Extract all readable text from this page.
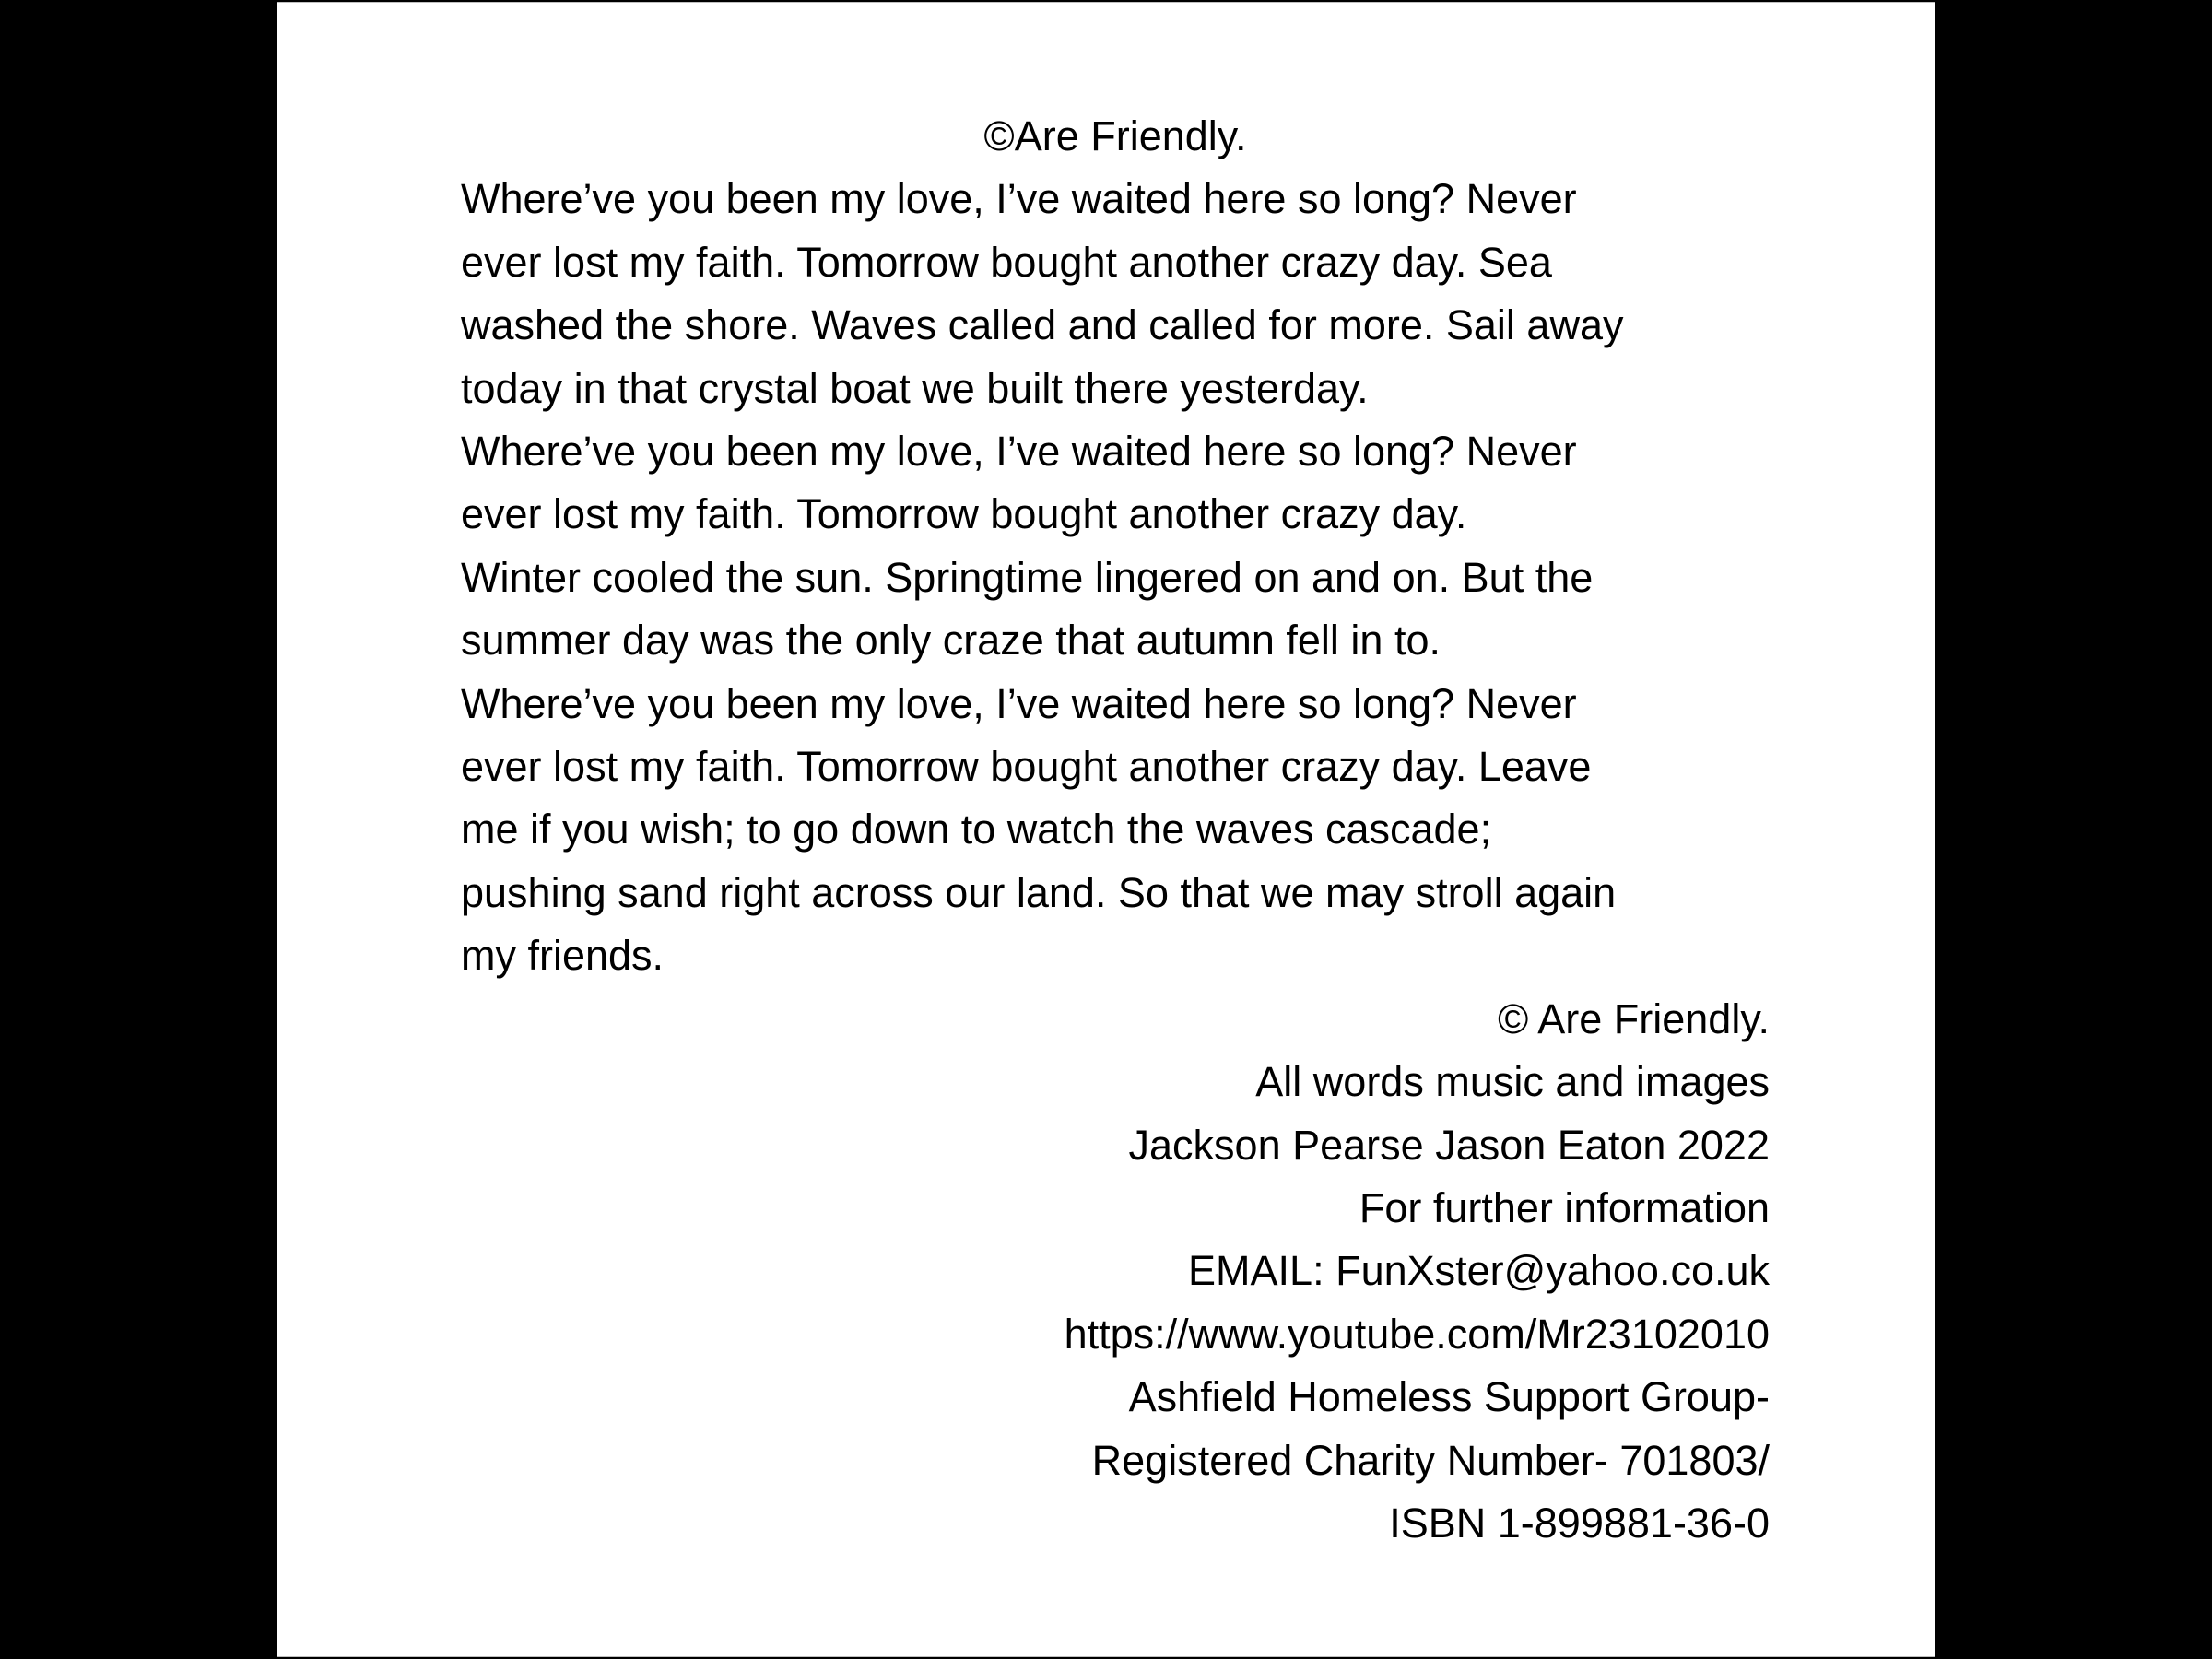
©Are Friendly.
Where’ve you been my love, I’ve waited here so long? Never
ever lost my faith. Tomorrow bought another crazy day. Sea
washed the shore. Waves called and called for more. Sail away
today in that crystal boat we built there yesterday.
Where’ve you been my love, I’ve waited here so long? Never
ever lost my faith. Tomorrow bought another crazy day.
Winter cooled the sun. Springtime lingered on and on. But the
summer day was the only craze that autumn fell in to.
Where’ve you been my love, I’ve waited here so long? Never
ever lost my faith. Tomorrow bought another crazy day. Leave
me if you wish; to go down to watch the waves cascade;
pushing sand right across our land. So that we may stroll again
my friends.
© Are Friendly.
All words music and images
Jackson Pearse Jason Eaton 2022
For further information
EMAIL: FunXster@yahoo.co.uk
https://www.youtube.com/Mr23102010
Ashfield Homeless Support Group-
Registered Charity Number- 701803/
ISBN 1-899881-36-0
